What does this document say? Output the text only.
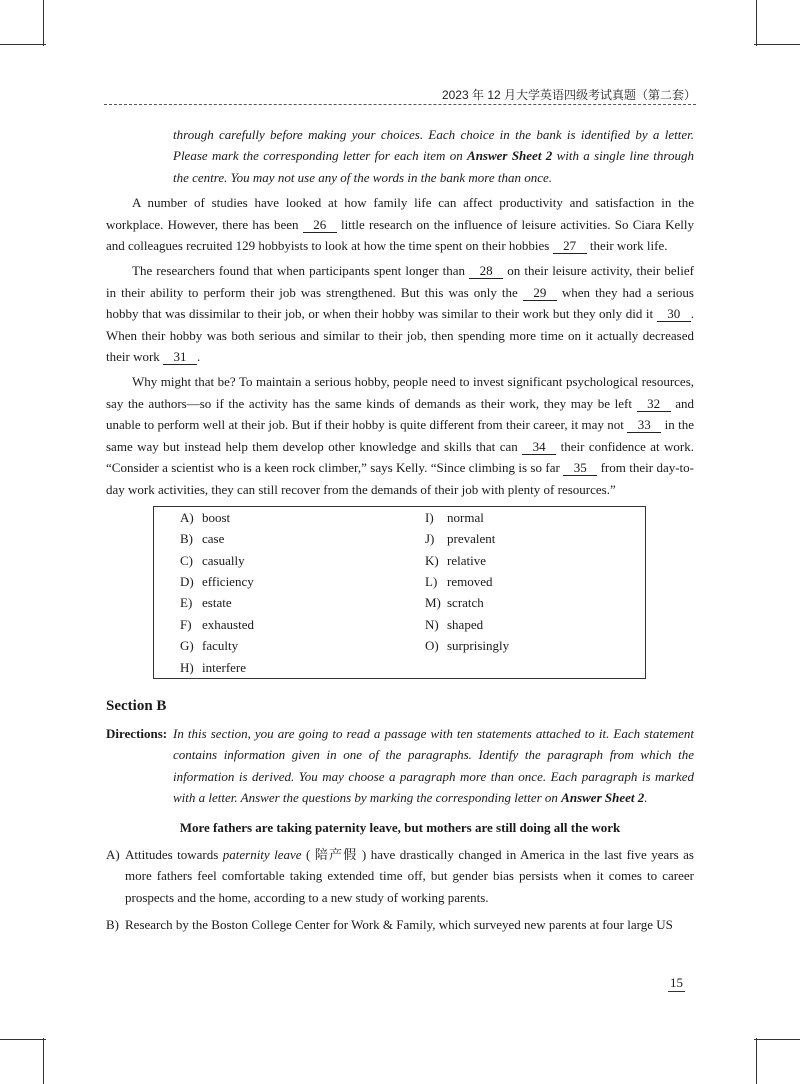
2023 年 12 月大学英语四级考试真题（第二套）
through carefully before making your choices. Each choice in the bank is identified by a letter. Please mark the corresponding letter for each item on Answer Sheet 2 with a single line through the centre. You may not use any of the words in the bank more than once.

A number of studies have looked at how family life can affect productivity and satisfaction in the workplace. However, there has been 26 little research on the influence of leisure activities. So Ciara Kelly and colleagues recruited 129 hobbyists to look at how the time spent on their hobbies 27 their work life.

The researchers found that when participants spent longer than 28 on their leisure activity, their belief in their ability to perform their job was strengthened. But this was only the 29 when they had a serious hobby that was dissimilar to their job, or when their hobby was similar to their work but they only did it 30 . When their hobby was both serious and similar to their job, then spending more time on it actually decreased their work 31 .

Why might that be? To maintain a serious hobby, people need to invest significant psychological resources, say the authors—so if the activity has the same kinds of demands as their work, they may be left 32 and unable to perform well at their job. But if their hobby is quite different from their career, it may not 33 in the same way but instead help them develop other knowledge and skills that can 34 their confidence at work. “Consider a scientist who is a keen rock climber,” says Kelly. “Since climbing is so far 35 from their day-to-day work activities, they can still recover from the demands of their job with plenty of resources.”

A) boost
B) case
C) casually
D) efficiency
E) estate
F) exhausted
G) faculty
H) interfere
I) normal
J) prevalent
K) relative
L) removed
M) scratch
N) shaped
O) surprisingly
Section B
Directions: In this section, you are going to read a passage with ten statements attached to it. Each statement contains information given in one of the paragraphs. Identify the paragraph from which the information is derived. You may choose a paragraph more than once. Each paragraph is marked with a letter. Answer the questions by marking the corresponding letter on Answer Sheet 2.
More fathers are taking paternity leave, but mothers are still doing all the work
A) Attitudes towards paternity leave ( 陪产假 ) have drastically changed in America in the last five years as more fathers feel comfortable taking extended time off, but gender bias persists when it comes to career prospects and the home, according to a new study of working parents.
B) Research by the Boston College Center for Work & Family, which surveyed new parents at four large US
15
